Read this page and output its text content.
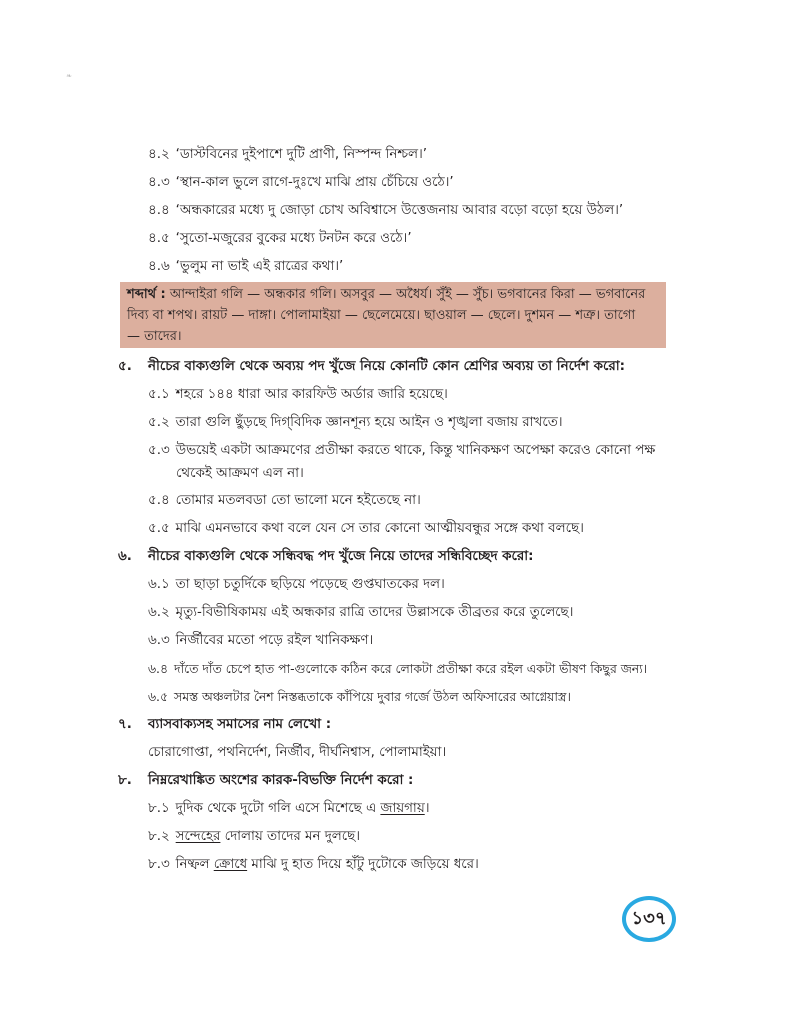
❧
৪.২ ‘ডাস্টবিনের দুইপাশে দুটি প্রাণী, নিস্পন্দ নিশ্চল।’
৪.৩ ‘স্থান-কাল ভুলে রাগে-দুঃখে মাঝি প্রায় চেঁচিয়ে ওঠে।’
৪.৪ ‘অন্ধকারের মধ্যে দু জোড়া চোখ অবিশ্বাসে উত্তেজনায় আবার বড়ো বড়ো হয়ে উঠল।’
৪.৫ ‘সুতো-মজুরের বুকের মধ্যে টনটন করে ওঠে।’
৪.৬ ‘ভুলুম না ভাই এই রাত্রের কথা।’
শব্দার্থ : আন্দাইরা গলি — অন্ধকার গলি। অসবুর — অধৈর্য। সুঁই — সুঁচ। ভগবানের কিরা — ভগবানের
দিব্য বা শপথ। রায়ট — দাঙ্গা। পোলামাইয়া — ছেলেমেয়ে। ছাওয়াল — ছেলে। দুশমন — শত্রু। তাগো
— তাদের।
৫. নীচের বাক্যগুলি থেকে অব্যয় পদ খুঁজে নিয়ে কোনটি কোন শ্রেণির অব্যয় তা নির্দেশ করো:
৫.১ শহরে ১৪৪ ধারা আর কারফিউ অর্ডার জারি হয়েছে।
৫.২ তারা গুলি ছুঁড়ছে দিগ্‌বিদিক জ্ঞানশূন্য হয়ে আইন ও শৃঙ্খলা বজায় রাখতে।
৫.৩ উভয়েই একটা আক্রমণের প্রতীক্ষা করতে থাকে, কিন্তু খানিকক্ষণ অপেক্ষা করেও কোনো পক্ষ
থেকেই আক্রমণ এল না।
৫.৪ তোমার মতলবডা তো ভালো মনে হইতেছে না।
৫.৫ মাঝি এমনভাবে কথা বলে যেন সে তার কোনো আত্মীয়বন্ধুর সঙ্গে কথা বলছে।
৬. নীচের বাক্যগুলি থেকে সন্ধিবদ্ধ পদ খুঁজে নিয়ে তাদের সন্ধিবিচ্ছেদ করো:
৬.১ তা ছাড়া চতুর্দিকে ছড়িয়ে পড়েছে গুপ্তঘাতকের দল।
৬.২ মৃত্যু-বিভীষিকাময় এই অন্ধকার রাত্রি তাদের উল্লাসকে তীব্রতর করে তুলেছে।
৬.৩ নির্জীবের মতো পড়ে রইল খানিকক্ষণ।
৬.৪ দাঁতে দাঁত চেপে হাত পা-গুলোকে কঠিন করে লোকটা প্রতীক্ষা করে রইল একটা ভীষণ কিছুর জন্য।
৬.৫ সমস্ত অঞ্চলটার নৈশ নিস্তব্ধতাকে কাঁপিয়ে দুবার গর্জে উঠল অফিসারের আগ্নেয়াস্ত্র।
৭. ব্যাসবাক্যসহ সমাসের নাম লেখো :
চোরাগোপ্তা, পথনির্দেশ, নির্জীব, দীর্ঘনিশ্বাস, পোলামাইয়া।
৮. নিম্নরেখাঙ্কিত অংশের কারক-বিভক্তি নির্দেশ করো :
৮.১ দুদিক থেকে দুটো গলি এসে মিশেছে এ জায়গায়।
৮.২ সন্দেহের দোলায় তাদের মন দুলছে।
৮.৩ নিষ্ফল ক্রোধে মাঝি দু হাত দিয়ে হাঁটু দুটোকে জড়িয়ে ধরে।
১৩৭
